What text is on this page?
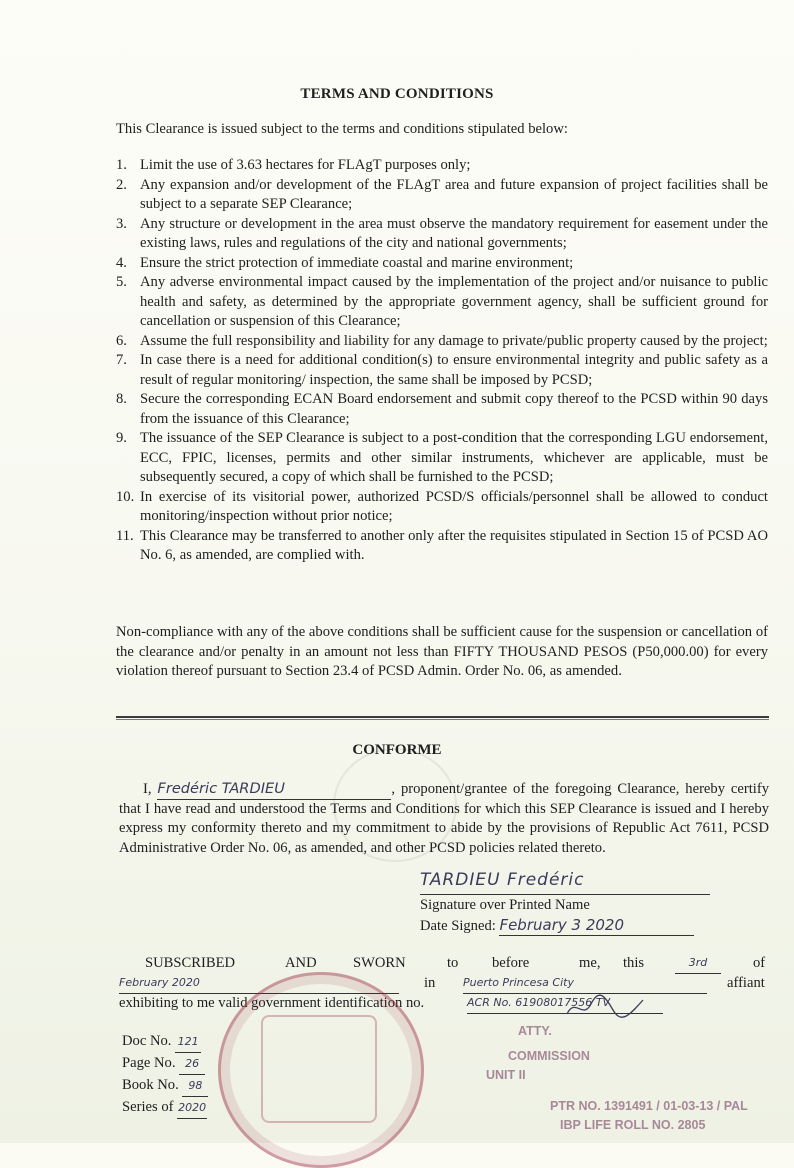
TERMS AND CONDITIONS
This Clearance is issued subject to the terms and conditions stipulated below:
1. Limit the use of 3.63 hectares for FLAgT purposes only;
2. Any expansion and/or development of the FLAgT area and future expansion of project facilities shall be subject to a separate SEP Clearance;
3. Any structure or development in the area must observe the mandatory requirement for easement under the existing laws, rules and regulations of the city and national governments;
4. Ensure the strict protection of immediate coastal and marine environment;
5. Any adverse environmental impact caused by the implementation of the project and/or nuisance to public health and safety, as determined by the appropriate government agency, shall be sufficient ground for cancellation or suspension of this Clearance;
6. Assume the full responsibility and liability for any damage to private/public property caused by the project;
7. In case there is a need for additional condition(s) to ensure environmental integrity and public safety as a result of regular monitoring/ inspection, the same shall be imposed by PCSD;
8. Secure the corresponding ECAN Board endorsement and submit copy thereof to the PCSD within 90 days from the issuance of this Clearance;
9. The issuance of the SEP Clearance is subject to a post-condition that the corresponding LGU endorsement, ECC, FPIC, licenses, permits and other similar instruments, whichever are applicable, must be subsequently secured, a copy of which shall be furnished to the PCSD;
10. In exercise of its visitorial power, authorized PCSD/S officials/personnel shall be allowed to conduct monitoring/inspection without prior notice;
11. This Clearance may be transferred to another only after the requisites stipulated in Section 15 of PCSD AO No. 6, as amended, are complied with.
Non-compliance with any of the above conditions shall be sufficient cause for the suspension or cancellation of the clearance and/or penalty in an amount not less than FIFTY THOUSAND PESOS (P50,000.00) for every violation thereof pursuant to Section 23.4 of PCSD Admin. Order No. 06, as amended.
CONFORME
I, Fredéric TARDIEU	, proponent/grantee of the foregoing Clearance, hereby certify that I have read and understood the Terms and Conditions for which this SEP Clearance is issued and I hereby express my conformity thereto and my commitment to abide by the provisions of Republic Act 7611, PCSD Administrative Order No. 06, as amended, and other PCSD policies related thereto.
TARDIEU Fredéric
Signature over Printed Name
Date Signed: February 3 2020
SUBSCRIBED	AND SWORN	to before	me, this	3rd	of
February 2020	in	Puerto Princesa City	affiant
exhibiting to me valid government identification no.	ACR No. 61908017556 TV
Doc No. 121
Page No. 26
Book No. 98
Series of 2020
ATTY.
COMMISSION
UNIT II
PTR NO. 1391491 / 01-03-13 / PAL
IBP LIFE ROLL NO. 2805
